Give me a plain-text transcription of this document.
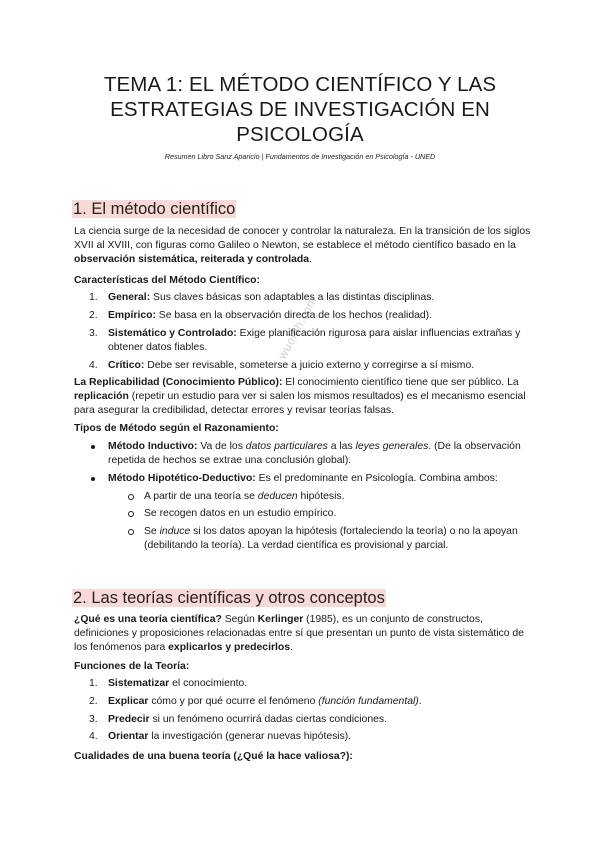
TEMA 1: EL MÉTODO CIENTÍFICO Y LAS
ESTRATEGIAS DE INVESTIGACIÓN EN
PSICOLOGÍA
Resumen Libro Sanz Aparicio | Fundamentos de Investigación en Psicología - UNED
wuolah.com
1. El método científico

La ciencia surge de la necesidad de conocer y controlar la naturaleza. En la transición de los siglos XVII al XVIII, con figuras como Galileo o Newton, se establece el método científico basado en la observación sistemática, reiterada y controlada.

Características del Método Científico:

1. General: Sus claves básicas son adaptables a las distintas disciplinas.
2. Empírico: Se basa en la observación directa de los hechos (realidad).
3. Sistemático y Controlado: Exige planificación rigurosa para aislar influencias extrañas y obtener datos fiables.
4. Crítico: Debe ser revisable, someterse a juicio externo y corregirse a sí mismo.

La Replicabilidad (Conocimiento Público): El conocimiento científico tiene que ser público. La replicación (repetir un estudio para ver si salen los mismos resultados) es el mecanismo esencial para asegurar la credibilidad, detectar errores y revisar teorías falsas.

Tipos de Método según el Razonamiento:

Método Inductivo: Va de los datos particulares a las leyes generales. (De la observación repetida de hechos se extrae una conclusión global).
Método Hipotético-Deductivo: Es el predominante en Psicología. Combina ambos:
A partir de una teoría se deducen hipótesis.
Se recogen datos en un estudio empírico.
Se induce si los datos apoyan la hipótesis (fortaleciendo la teoría) o no la apoyan (debilitando la teoría). La verdad científica es provisional y parcial.
2. Las teorías científicas y otros conceptos

¿Qué es una teoría científica? Según Kerlinger (1985), es un conjunto de constructos, definiciones y proposiciones relacionadas entre sí que presentan un punto de vista sistemático de los fenómenos para explicarlos y predecirlos.

Funciones de la Teoría:

1. Sistematizar el conocimiento.
2. Explicar cómo y por qué ocurre el fenómeno (función fundamental).
3. Predecir si un fenómeno ocurrirá dadas ciertas condiciones.
4. Orientar la investigación (generar nuevas hipótesis).

Cualidades de una buena teoría (¿Qué la hace valiosa?):
